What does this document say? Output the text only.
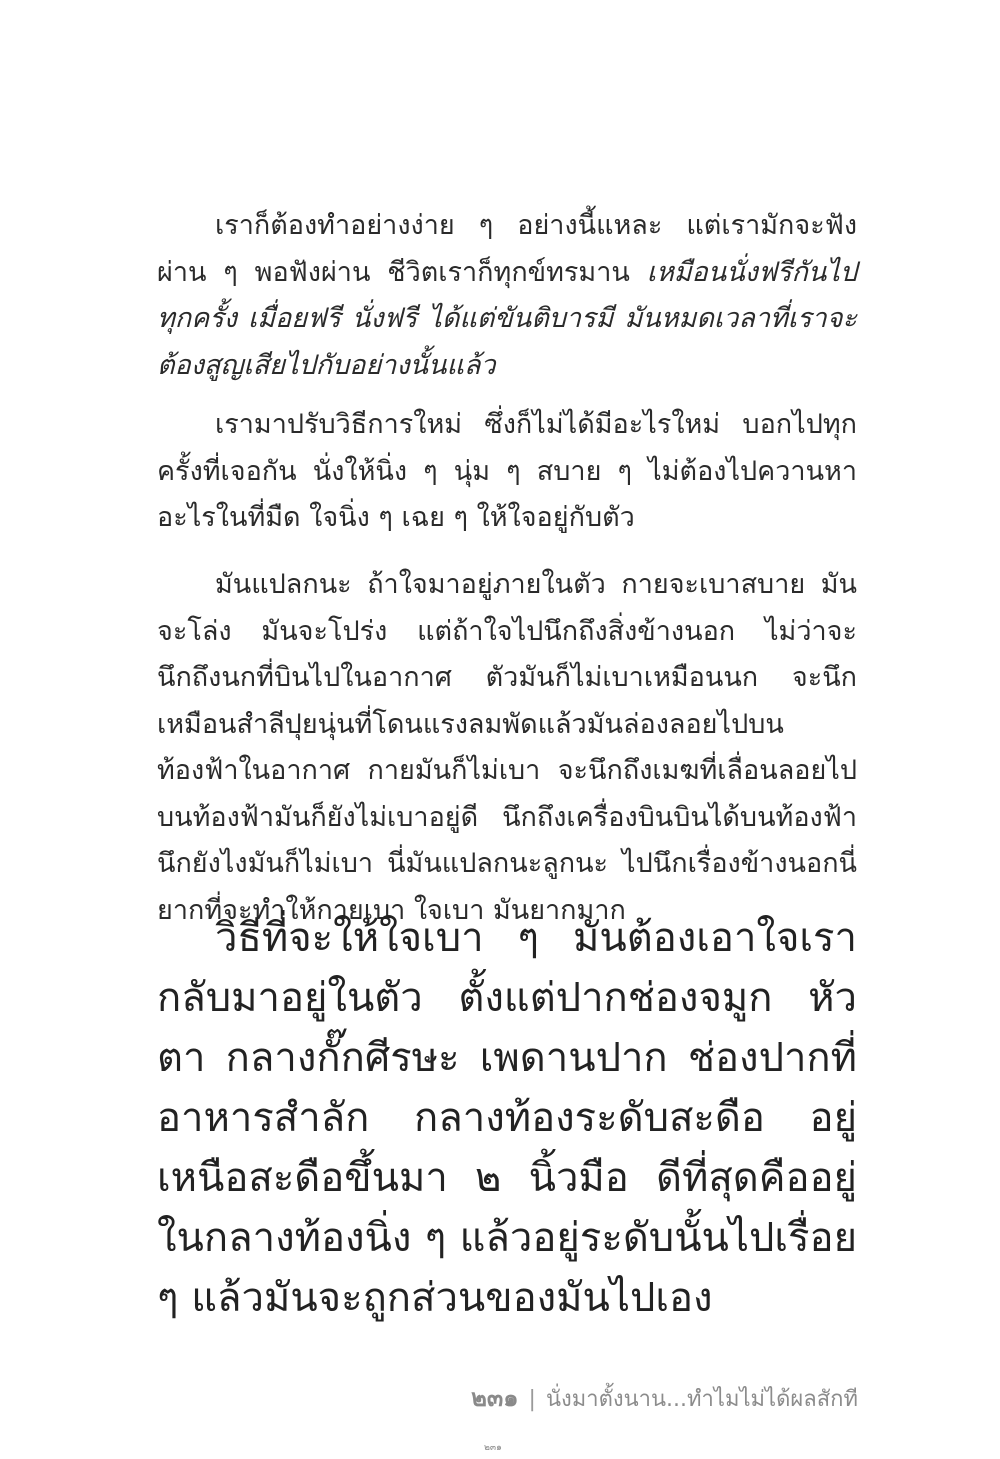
เราก็ต้องทำอย่างง่าย ๆ อย่างนี้แหละ แต่เรามักจะฟังผ่าน ๆ พอฟังผ่าน ชีวิตเราก็ทุกข์ทรมาน เหมือนนั่งฟรีกันไปทุกครั้ง เมื่อยฟรี นั่งฟรี ได้แต่ขันติบารมี มันหมดเวลาที่เราจะต้องสูญเสียไปกับอย่างนั้นแล้ว
เรามาปรับวิธีการใหม่ ซึ่งก็ไม่ได้มีอะไรใหม่ บอกไปทุกครั้งที่เจอกัน นั่งให้นิ่ง ๆ นุ่ม ๆ สบาย ๆ ไม่ต้องไปควานหาอะไรในที่มืด ใจนิ่ง ๆ เฉย ๆ ให้ใจอยู่กับตัว
มันแปลกนะ ถ้าใจมาอยู่ภายในตัว กายจะเบาสบาย มันจะโล่ง มันจะโปร่ง แต่ถ้าใจไปนึกถึงสิ่งข้างนอก ไม่ว่าจะนึกถึงนกที่บินไปในอากาศ ตัวมันก็ไม่เบาเหมือนนก จะนึกเหมือนสำลีปุยนุ่นที่โดนแรงลมพัดแล้วมันล่องลอยไปบนท้องฟ้าในอากาศ กายมันก็ไม่เบา จะนึกถึงเมฆที่เลื่อนลอยไปบนท้องฟ้ามันก็ยังไม่เบาอยู่ดี นึกถึงเครื่องบินบินได้บนท้องฟ้า นึกยังไงมันก็ไม่เบา นี่มันแปลกนะลูกนะ ไปนึกเรื่องข้างนอกนี่ยากที่จะทำให้กายเบา ใจเบา มันยากมาก
วิธีที่จะให้ใจเบา ๆ มันต้องเอาใจเรากลับมาอยู่ในตัว ตั้งแต่ปากช่องจมูก หัวตา กลางกั๊กศีรษะ เพดานปาก ช่องปากที่อาหารสำลัก กลางท้องระดับสะดือ อยู่เหนือสะดือขึ้นมา ๒ นิ้วมือ ดีที่สุดคืออยู่ในกลางท้องนิ่ง ๆ แล้วอยู่ระดับนั้นไปเรื่อย ๆ แล้วมันจะถูกส่วนของมันไปเอง
๒๓๑ | นั่งมาตั้งนาน...ทำไมไม่ได้ผลสักที
๒๓๑
